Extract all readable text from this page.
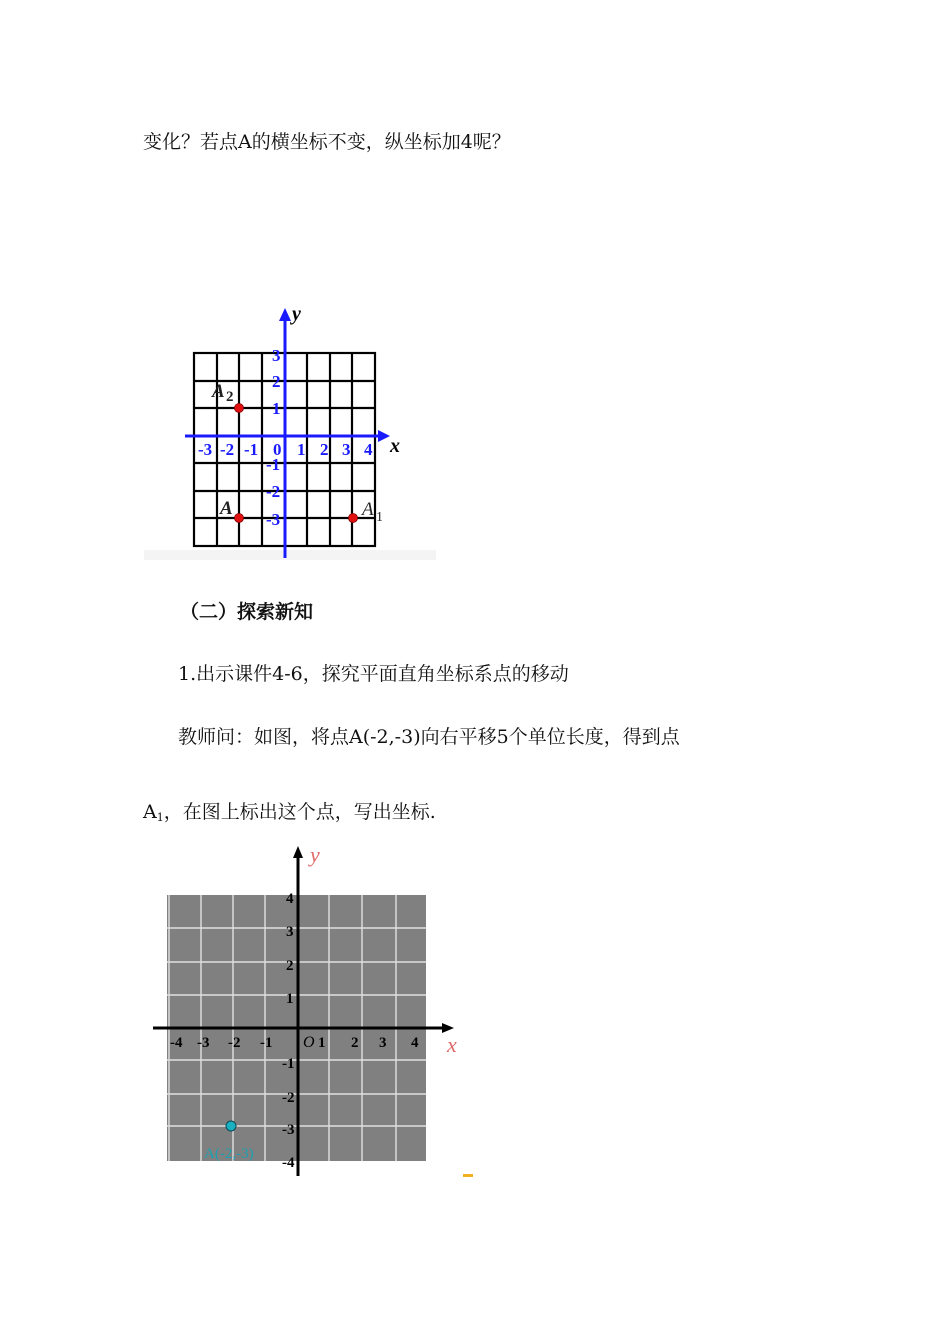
变化？若点A的横坐标不变，纵坐标加4呢？
x
y
-3 -2 -1 0 1 2 3 4
3
2
1
-1
-2
-3
A 2
A	A 1
（二）探索新知
1.出示课件4-6，探究平面直角坐标系点的移动
教师问：如图，将点A(-2,-3)向右平移5个单位长度，得到点
$A_1$，在图上标出这个点，写出坐标.
x
y
O
-4 -3 -2 -1	1 2 3 4
4
3
2
1
-1
-2
-3
-4
A(-2,-3)
